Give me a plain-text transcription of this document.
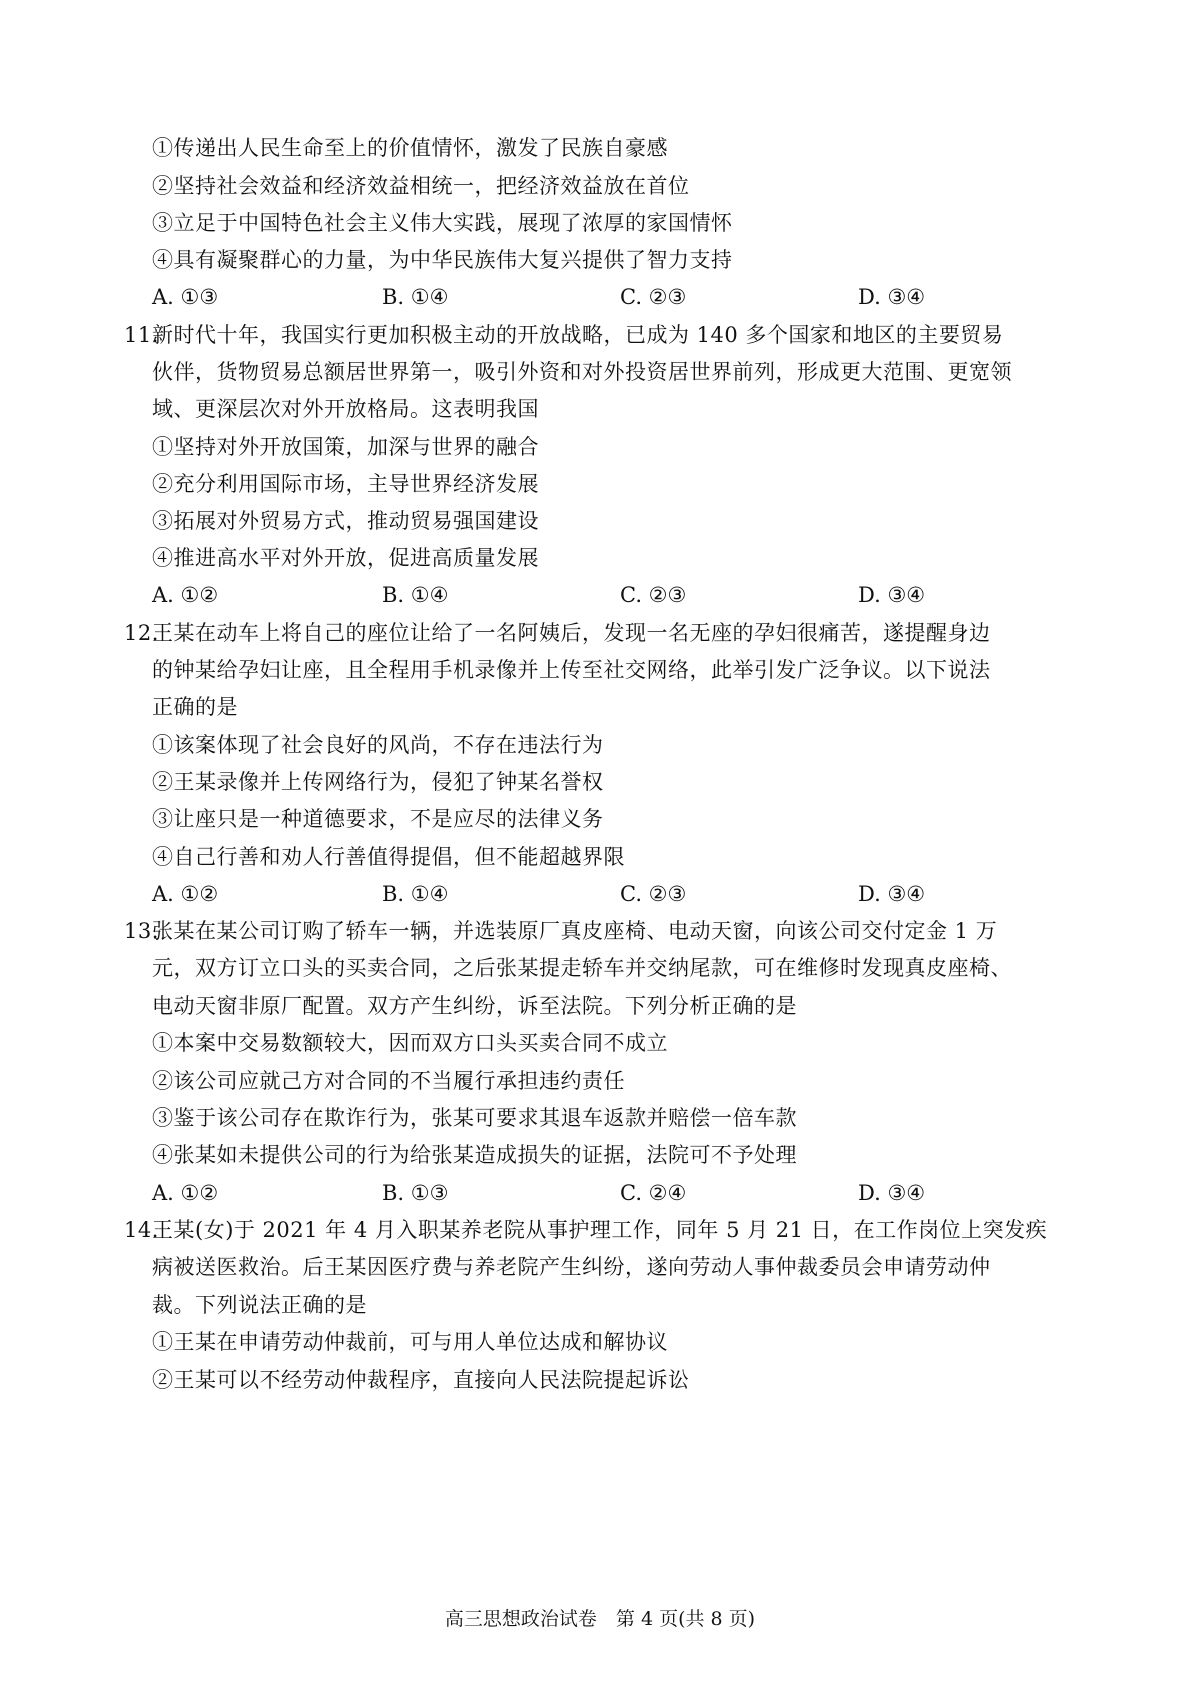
①传递出人民生命至上的价值情怀，激发了民族自豪感
②坚持社会效益和经济效益相统一，把经济效益放在首位
③立足于中国特色社会主义伟大实践，展现了浓厚的家国情怀
④具有凝聚群心的力量，为中华民族伟大复兴提供了智力支持
A. ①③	B. ①④	C. ②③	D. ③④
11.
新时代十年，我国实行更加积极主动的开放战略，已成为 140 多个国家和地区的主要贸易
伙伴，货物贸易总额居世界第一，吸引外资和对外投资居世界前列，形成更大范围、更宽领
域、更深层次对外开放格局。这表明我国
①坚持对外开放国策，加深与世界的融合
②充分利用国际市场，主导世界经济发展
③拓展对外贸易方式，推动贸易强国建设
④推进高水平对外开放，促进高质量发展
A. ①②	B. ①④	C. ②③	D. ③④
12.
王某在动车上将自己的座位让给了一名阿姨后，发现一名无座的孕妇很痛苦，遂提醒身边
的钟某给孕妇让座，且全程用手机录像并上传至社交网络，此举引发广泛争议。以下说法
正确的是
①该案体现了社会良好的风尚，不存在违法行为
②王某录像并上传网络行为，侵犯了钟某名誉权
③让座只是一种道德要求，不是应尽的法律义务
④自己行善和劝人行善值得提倡，但不能超越界限
A. ①②	B. ①④	C. ②③	D. ③④
13.
张某在某公司订购了轿车一辆，并选装原厂真皮座椅、电动天窗，向该公司交付定金 1 万
元，双方订立口头的买卖合同，之后张某提走轿车并交纳尾款，可在维修时发现真皮座椅、
电动天窗非原厂配置。双方产生纠纷，诉至法院。下列分析正确的是
①本案中交易数额较大，因而双方口头买卖合同不成立
②该公司应就己方对合同的不当履行承担违约责任
③鉴于该公司存在欺诈行为，张某可要求其退车返款并赔偿一倍车款
④张某如未提供公司的行为给张某造成损失的证据，法院可不予处理
A. ①②	B. ①③	C. ②④	D. ③④
14.
王某(女)于 2021 年 4 月入职某养老院从事护理工作，同年 5 月 21 日，在工作岗位上突发疾
病被送医救治。后王某因医疗费与养老院产生纠纷，遂向劳动人事仲裁委员会申请劳动仲
裁。下列说法正确的是
①王某在申请劳动仲裁前，可与用人单位达成和解协议
②王某可以不经劳动仲裁程序，直接向人民法院提起诉讼
高三思想政治试卷　第 4 页(共 8 页)
